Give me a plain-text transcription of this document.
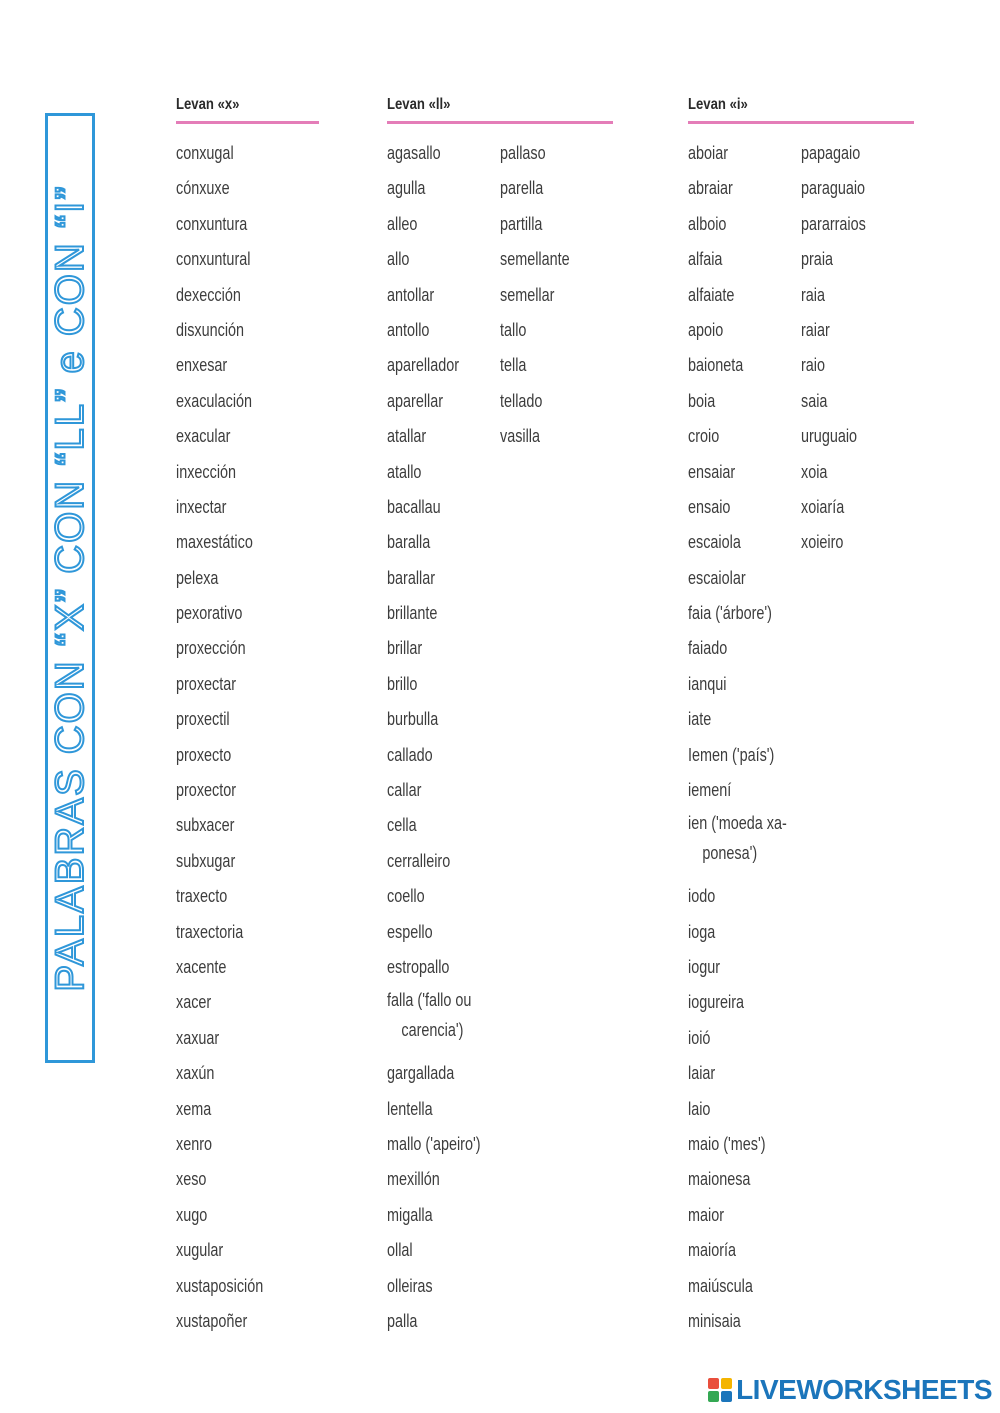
PALABRAS CON “X” CON “LL” e CON “I”
Levan «x»	Levan «ll»	Levan «i»
conxugal
cónxuxe
conxuntura
conxuntural
dexección
disxunción
enxesar
exaculación
exacular
inxección
inxectar
maxestático
pelexa
pexorativo
proxección
proxectar
proxectil
proxecto
proxector
subxacer
subxugar
traxecto
traxectoria
xacente
xacer
xaxuar
xaxún
xema
xenro
xeso
xugo
xugular
xustaposición
xustapoñer
agasallo
agulla
alleo
allo
antollar
antollo
aparellador
aparellar
atallar
atallo
bacallau
baralla
barallar
brillante
brillar
brillo
burbulla
callado
callar
cella
cerralleiro
coello
espello
estropallo
falla ('fallo ou
carencia')
gargallada
lentella
mallo ('apeiro')
mexillón
migalla
ollal
olleiras
palla
pallaso
parella
partilla
semellante
semellar
tallo
tella
tellado
vasilla
aboiar
abraiar
alboio
alfaia
alfaiate
apoio
baioneta
boia
croio
ensaiar
ensaio
escaiola
escaiolar
faia ('árbore')
faiado
ianqui
iate
Iemen ('país')
iemení
ien ('moeda xa-
ponesa')
iodo
ioga
iogur
iogureira
ioió
laiar
laio
maio ('mes')
maionesa
maior
maioría
maiúscula
minisaia
papagaio
paraguaio
pararraios
praia
raia
raiar
raio
saia
uruguaio
xoia
xoiaría
xoieiro
LIVEWORKSHEETS
